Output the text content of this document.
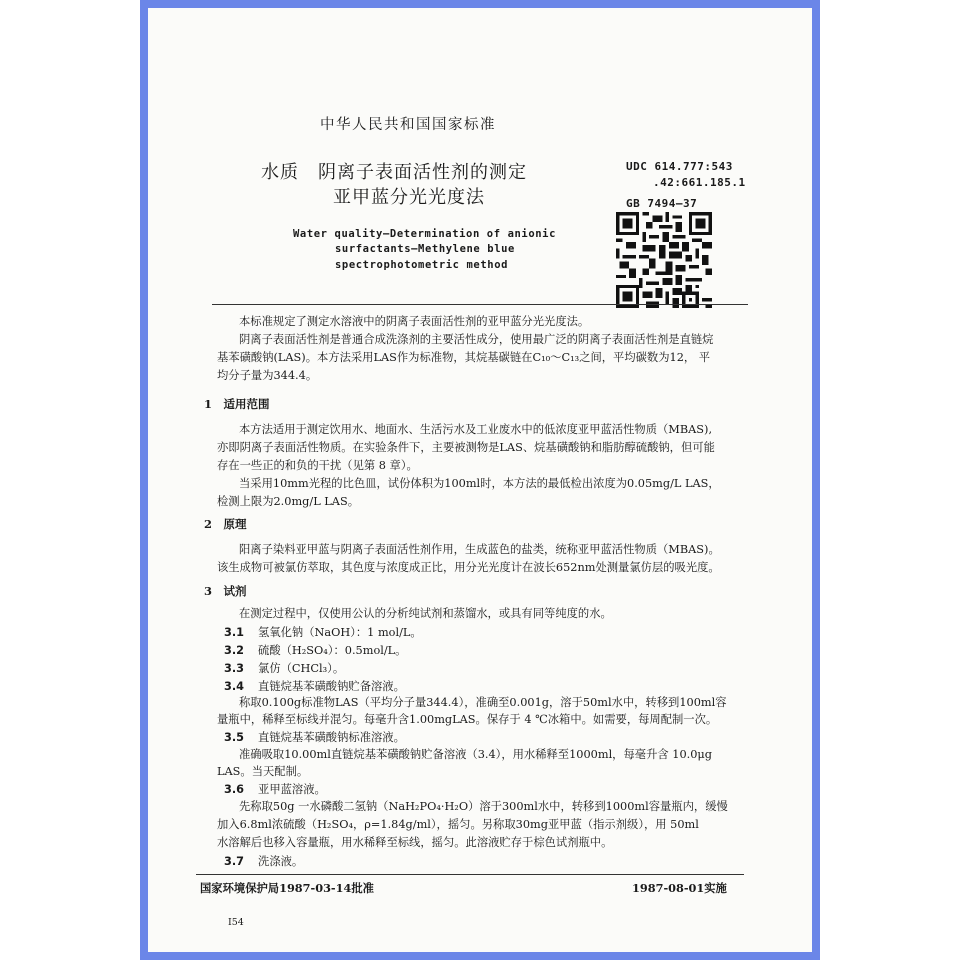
中华人民共和国国家标准
水质　阴离子表面活性剂的测定
亚甲蓝分光光度法
UDC 614.777:543
.42:661.185.1
GB 7494—37
Water quality—Determination of anionic
surfactants—Methylene blue
spectrophotometric method
本标准规定了测定水溶液中的阴离子表面活性剂的亚甲蓝分光光度法。
阴离子表面活性剂是普通合成洗涤剂的主要活性成分，使用最广泛的阴离子表面活性剂是直链烷
基苯磺酸钠(LAS)。本方法采用LAS作为标准物，其烷基碳链在C₁₀～C₁₃之间，平均碳数为12， 平
均分子量为344.4。
1　适用范围
本方法适用于测定饮用水、地面水、生活污水及工业废水中的低浓度亚甲蓝活性物质（MBAS),
亦即阴离子表面活性物质。在实验条件下，主要被测物是LAS、烷基磺酸钠和脂肪醇硫酸钠，但可能
存在一些正的和负的干扰（见第 8 章）。
当采用10mm光程的比色皿，试份体积为100ml时，本方法的最低检出浓度为0.05mg/L LAS，
检测上限为2.0mg/L LAS。
2　原理
阳离子染料亚甲蓝与阴离子表面活性剂作用，生成蓝色的盐类，统称亚甲蓝活性物质（MBAS)。
该生成物可被氯仿萃取，其色度与浓度成正比，用分光光度计在波长652nm处测量氯仿层的吸光度。
3　试剂
在测定过程中，仅使用公认的分析纯试剂和蒸馏水，或具有同等纯度的水。
3.1 氢氧化钠（NaOH）：1 mol/L。
3.2 硫酸（H₂SO₄）：0.5mol/L。
3.3 氯仿（CHCl₃）。
3.4 直链烷基苯磺酸钠贮备溶液。
称取0.100g标准物LAS（平均分子量344.4），准确至0.001g，溶于50ml水中，转移到100ml容
量瓶中，稀释至标线并混匀。每毫升含1.00mgLAS。保存于 4 ℃冰箱中。如需要，每周配制一次。
3.5 直链烷基苯磺酸钠标准溶液。
准确吸取10.00ml直链烷基苯磺酸钠贮备溶液（3.4），用水稀释至1000ml，每毫升含 10.0μg
LAS。当天配制。
3.6 亚甲蓝溶液。
先称取50g 一水磷酸二氢钠（NaH₂PO₄·H₂O）溶于300ml水中，转移到1000ml容量瓶内，缓慢
加入6.8ml浓硫酸（H₂SO₄，ρ=1.84g/ml），摇匀。另称取30mg亚甲蓝（指示剂级），用 50ml
水溶解后也移入容量瓶，用水稀释至标线，摇匀。此溶液贮存于棕色试剂瓶中。
3.7 洗涤液。
国家环境保护局1987-03-14批准	1987-08-01实施
I54
